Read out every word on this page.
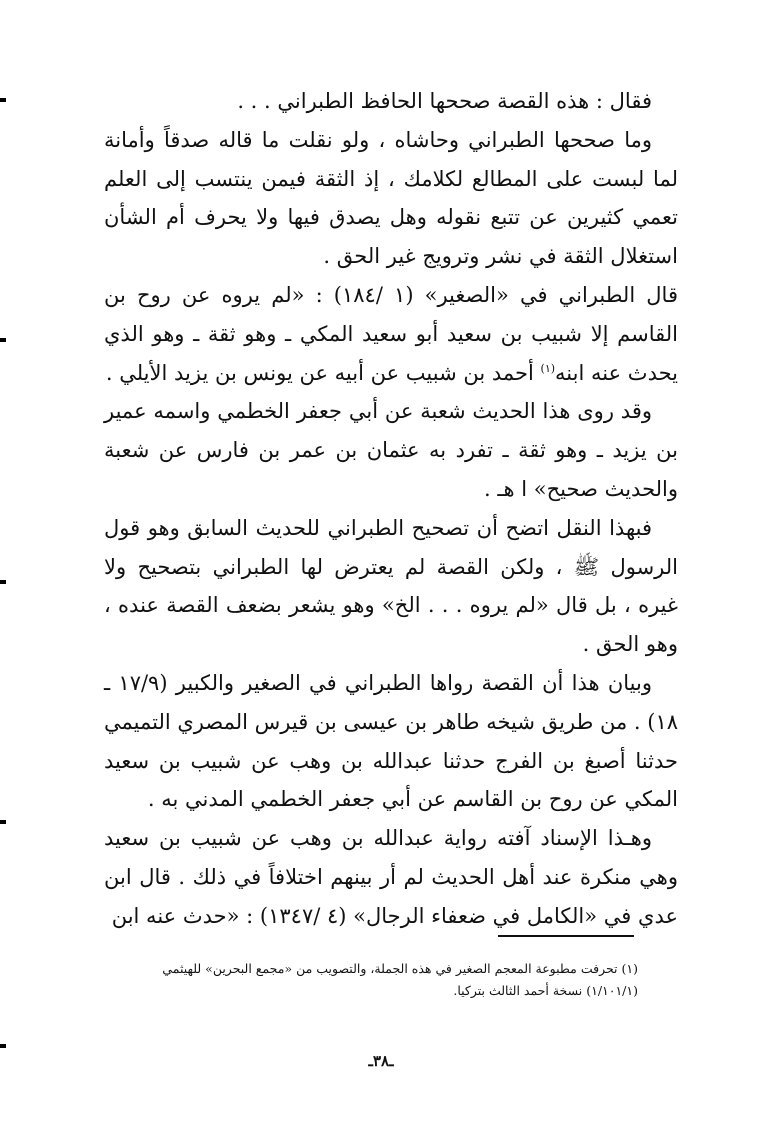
فقال : هذه القصة صححها الحافظ الطبراني . . .

وما صححها الطبراني وحاشاه ، ولو نقلت ما قاله صدقاً وأمانة لما لبست على المطالع لكلامك ، إذ الثقة فيمن ينتسب إلى العلم تعمي كثيرين عن تتبع نقوله وهل يصدق فيها ولا يحرف أم الشأن استغلال الثقة في نشر وترويج غير الحق .

قال الطبراني في «الصغير» (١ /١٨٤) : «لم يروه عن روح بن القاسم إلا شبيب بن سعيد أبو سعيد المكي ـ وهو ثقة ـ وهو الذي يحدث عنه ابنه$^{(١)}$ أحمد بن شبيب عن أبيه عن يونس بن يزيد الأيلي .

وقد روى هذا الحديث شعبة عن أبي جعفر الخطمي واسمه عمير بن يزيد ـ وهو ثقة ـ تفرد به عثمان بن عمر بن فارس عن شعبة والحديث صحيح» ا هـ .

فبهذا النقل اتضح أن تصحيح الطبراني للحديث السابق وهو قول الرسول ﷺ ، ولكن القصة لم يعترض لها الطبراني بتصحيح ولا غيره ، بل قال «لم يروه . . . الخ» وهو يشعر بضعف القصة عنده ، وهو الحق .

وبيان هذا أن القصة رواها الطبراني في الصغير والكبير (١٧/٩ ـ ١٨) . من طريق شيخه طاهر بن عيسى بن قيرس المصري التميمي حدثنا أصبغ بن الفرج حدثنا عبدالله بن وهب عن شبيب بن سعيد المكي عن روح بن القاسم عن أبي جعفر الخطمي المدني به .

وهـذا الإسناد آفته رواية عبدالله بن وهب عن شبيب بن سعيد وهي منكرة عند أهل الحديث لم أر بينهم اختلافاً في ذلك . قال ابن عدي في «الكامل في ضعفاء الرجال» (٤ /١٣٤٧) : «حدث عنه ابن

(١) تحرفت مطبوعة المعجم الصغير في هذه الجملة، والتصويب من «مجمع البحرين» للهيثمي

(١/١٠١/١) نسخة أحمد الثالث بتركيا.

ـ٣٨ـ
